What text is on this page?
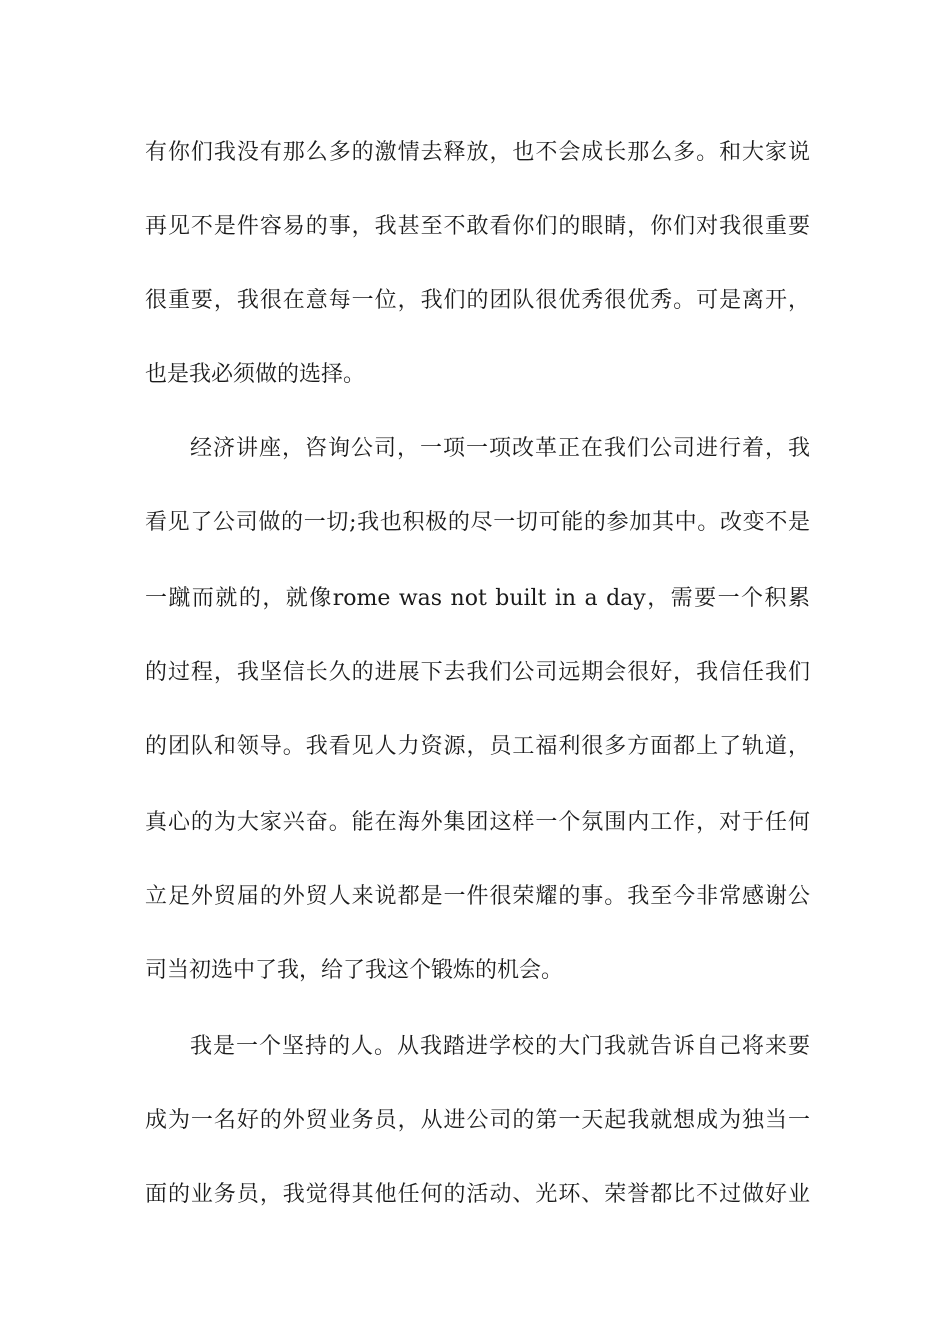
有你们我没有那么多的激情去释放，也不会成长那么多。和大家说
再见不是件容易的事，我甚至不敢看你们的眼睛，你们对我很重要
很重要，我很在意每一位，我们的团队很优秀很优秀。可是离开，
也是我必须做的选择。
经济讲座，咨询公司，一项一项改革正在我们公司进行着，我
看见了公司做的一切;我也积极的尽一切可能的参加其中。改变不是
一蹴而就的，就像rome was not built in a day，需要一个积累
的过程，我坚信长久的进展下去我们公司远期会很好，我信任我们
的团队和领导。我看见人力资源，员工福利很多方面都上了轨道，
真心的为大家兴奋。能在海外集团这样一个氛围内工作，对于任何
立足外贸届的外贸人来说都是一件很荣耀的事。我至今非常感谢公
司当初选中了我，给了我这个锻炼的机会。
我是一个坚持的人。从我踏进学校的大门我就告诉自己将来要
成为一名好的外贸业务员，从进公司的第一天起我就想成为独当一
面的业务员，我觉得其他任何的活动、光环、荣誉都比不过做好业
